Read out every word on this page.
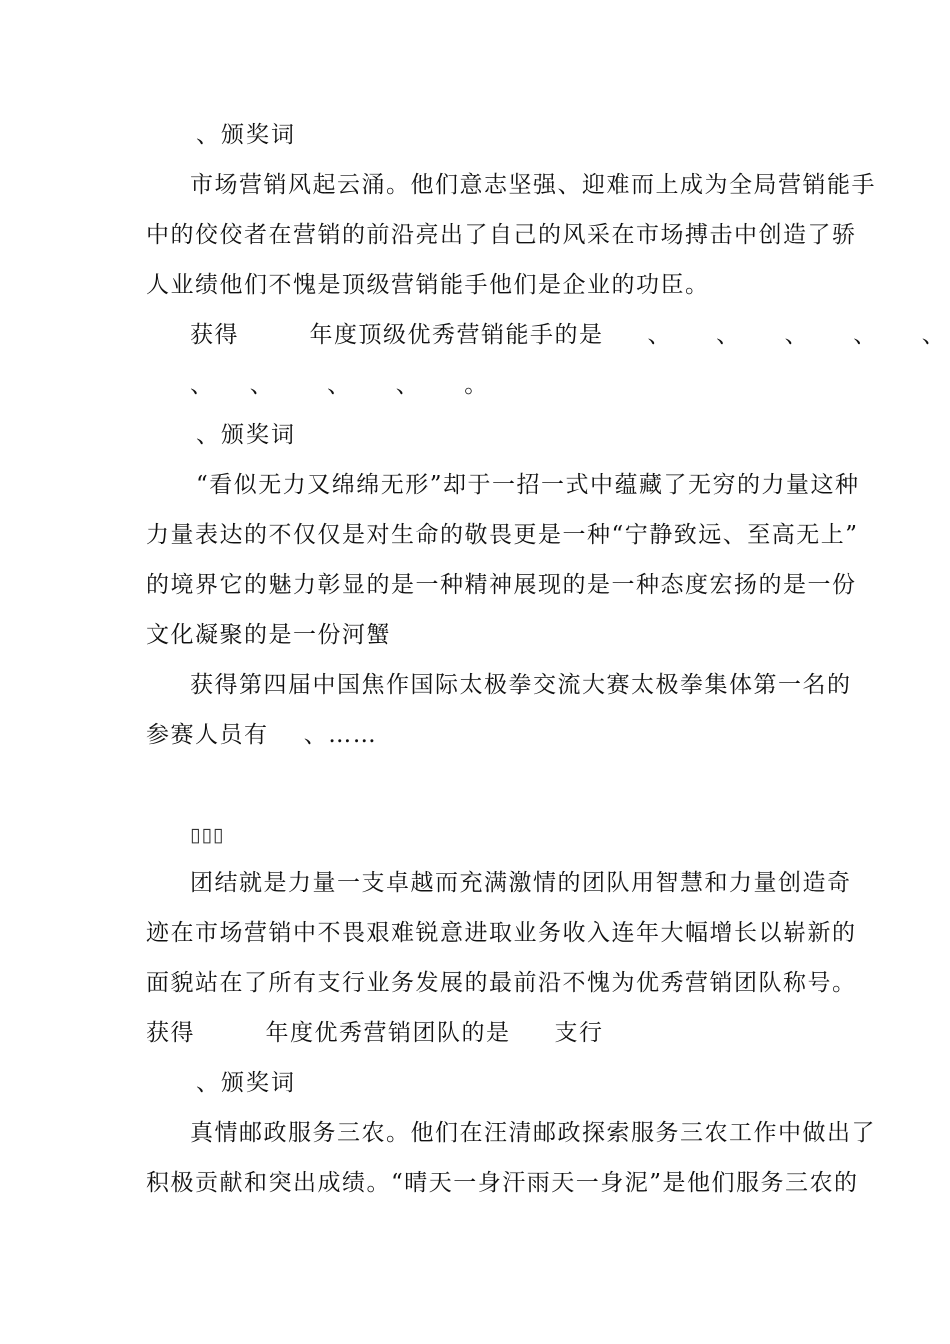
、颁奖词
市场营销风起云涌。他们意志坚强、迎难而上成为全局营销能手
中的佼佼者在营销的前沿亮出了自己的风采在市场搏击中创造了骄
人业绩他们不愧是顶级营销能手他们是企业的功臣。
获得        年度顶级优秀营销能手的是     、     、     、     、     、
、    、      、     、     。
、颁奖词
“看似无力又绵绵无形”却于一招一式中蕴藏了无穷的力量这种
力量表达的不仅仅是对生命的敬畏更是一种“宁静致远、至高无上”
的境界它的魅力彰显的是一种精神展现的是一种态度宏扬的是一份
文化凝聚的是一份河蟹
获得第四届中国焦作国际太极拳交流大赛太极拳集体第一名的
参赛人员有    、……
▯▯▯
团结就是力量一支卓越而充满激情的团队用智慧和力量创造奇
迹在市场营销中不畏艰难锐意进取业务收入连年大幅增长以崭新的
面貌站在了所有支行业务发展的最前沿不愧为优秀营销团队称号。
获得        年度优秀营销团队的是     支行
、颁奖词
真情邮政服务三农。他们在汪清邮政探索服务三农工作中做出了
积极贡献和突出成绩。“晴天一身汗雨天一身泥”是他们服务三农的
